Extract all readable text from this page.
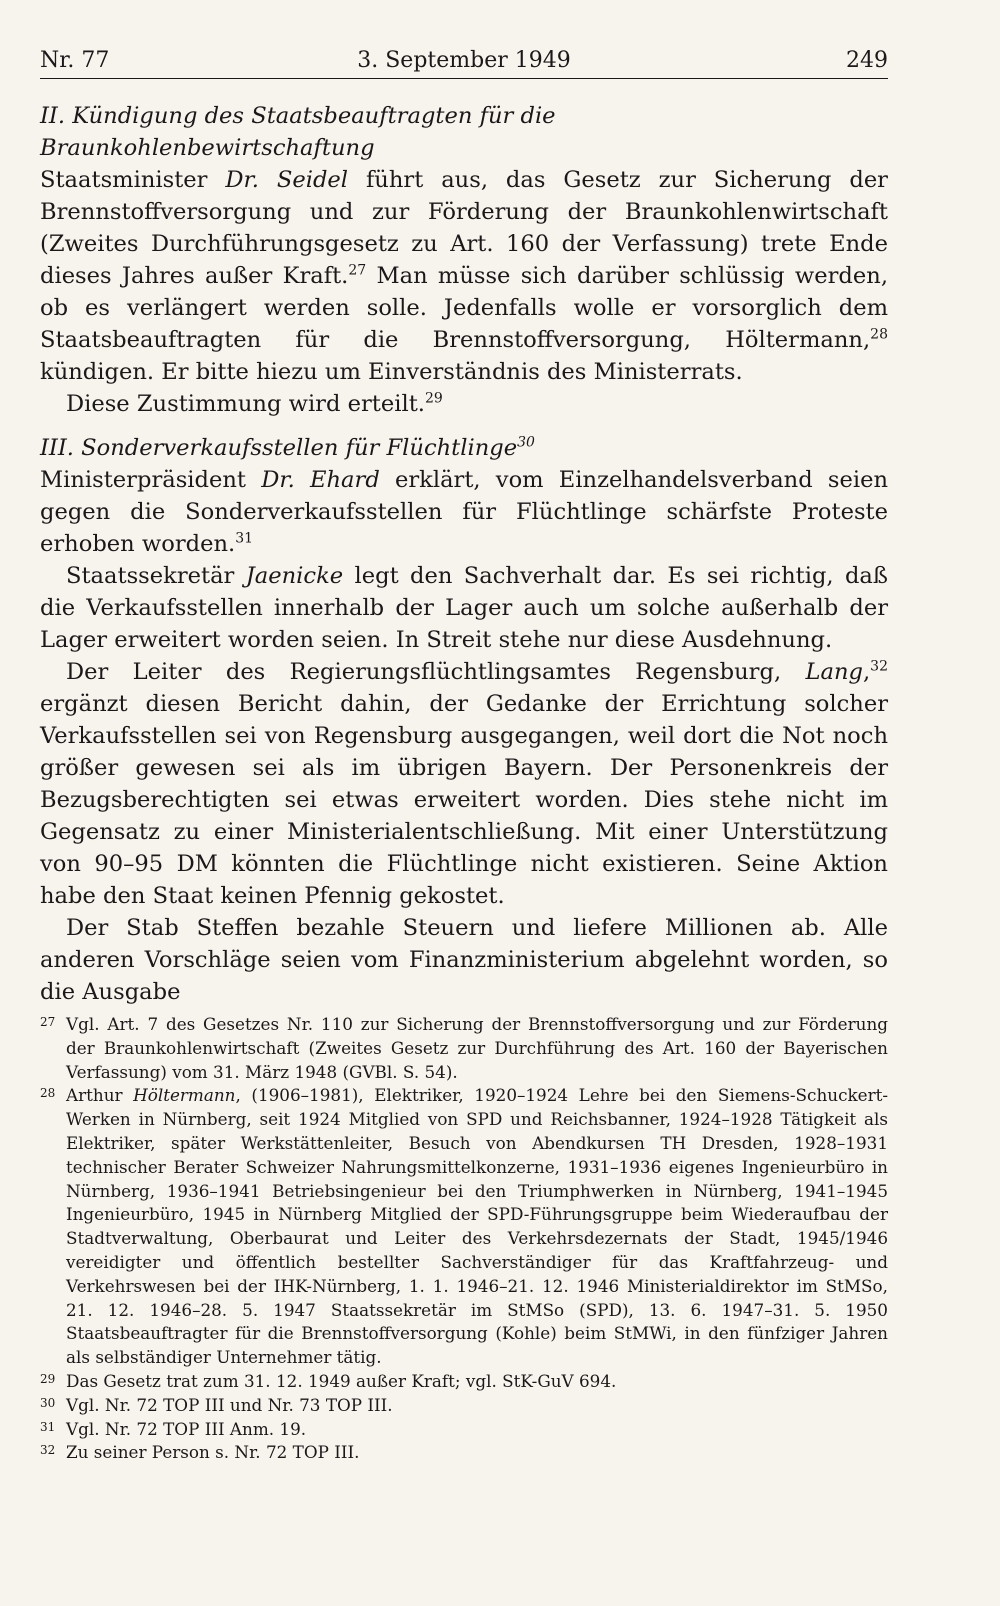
Nr. 77	3. September 1949	249
II. Kündigung des Staatsbeauftragten für die Braunkohlenbewirtschaftung

Staatsminister Dr. Seidel führt aus, das Gesetz zur Sicherung der Brennstoffversorgung und zur Förderung der Braunkohlenwirtschaft (Zweites Durchführungsgesetz zu Art. 160 der Verfassung) trete Ende dieses Jahres außer Kraft.$^{27}$ Man müsse sich darüber schlüssig werden, ob es verlängert werden solle. Jedenfalls wolle er vorsorglich dem Staatsbeauftragten für die Brennstoffversorgung, Höltermann,$^{28}$ kündigen. Er bitte hiezu um Einverständnis des Ministerrats.

Diese Zustimmung wird erteilt.$^{29}$

III. Sonderverkaufsstellen für Flüchtlinge$^{30}$

Ministerpräsident Dr. Ehard erklärt, vom Einzelhandelsverband seien gegen die Sonderverkaufsstellen für Flüchtlinge schärfste Proteste erhoben worden.$^{31}$

Staatssekretär Jaenicke legt den Sachverhalt dar. Es sei richtig, daß die Verkaufsstellen innerhalb der Lager auch um solche außerhalb der Lager erweitert worden seien. In Streit stehe nur diese Ausdehnung.

Der Leiter des Regierungsflüchtlingsamtes Regensburg, Lang,$^{32}$ ergänzt diesen Bericht dahin, der Gedanke der Errichtung solcher Verkaufsstellen sei von Regensburg ausgegangen, weil dort die Not noch größer gewesen sei als im übrigen Bayern. Der Personenkreis der Bezugsberechtigten sei etwas erweitert worden. Dies stehe nicht im Gegensatz zu einer Ministerialentschließung. Mit einer Unterstützung von 90–95 DM könnten die Flüchtlinge nicht existieren. Seine Aktion habe den Staat keinen Pfennig gekostet.

Der Stab Steffen bezahle Steuern und liefere Millionen ab. Alle anderen Vorschläge seien vom Finanzministerium abgelehnt worden, so die Ausgabe

27 Vgl. Art. 7 des Gesetzes Nr. 110 zur Sicherung der Brennstoffversorgung und zur Förderung der Braunkohlenwirtschaft (Zweites Gesetz zur Durchführung des Art. 160 der Bayerischen Verfassung) vom 31. März 1948 (GVBl. S. 54).

28 Arthur Höltermann, (1906–1981), Elektriker, 1920–1924 Lehre bei den Siemens-Schuckert-Werken in Nürnberg, seit 1924 Mitglied von SPD und Reichsbanner, 1924–1928 Tätigkeit als Elektriker, später Werkstättenleiter, Besuch von Abendkursen TH Dresden, 1928–1931 technischer Berater Schweizer Nahrungsmittelkonzerne, 1931–1936 eigenes Ingenieurbüro in Nürnberg, 1936–1941 Betriebsingenieur bei den Triumphwerken in Nürnberg, 1941–1945 Ingenieurbüro, 1945 in Nürnberg Mitglied der SPD-Führungsgruppe beim Wiederaufbau der Stadtverwaltung, Oberbaurat und Leiter des Verkehrsdezernats der Stadt, 1945/1946 vereidigter und öffentlich bestellter Sachverständiger für das Kraftfahrzeug- und Verkehrswesen bei der IHK-Nürnberg, 1. 1. 1946–21. 12. 1946 Ministerialdirektor im StMSo, 21. 12. 1946–28. 5. 1947 Staatssekretär im StMSo (SPD), 13. 6. 1947–31. 5. 1950 Staatsbeauftragter für die Brennstoffversorgung (Kohle) beim StMWi, in den fünfziger Jahren als selbständiger Unternehmer tätig.

29 Das Gesetz trat zum 31. 12. 1949 außer Kraft; vgl. StK-GuV 694.

30 Vgl. Nr. 72 TOP III und Nr. 73 TOP III.

31 Vgl. Nr. 72 TOP III Anm. 19.

32 Zu seiner Person s. Nr. 72 TOP III.
